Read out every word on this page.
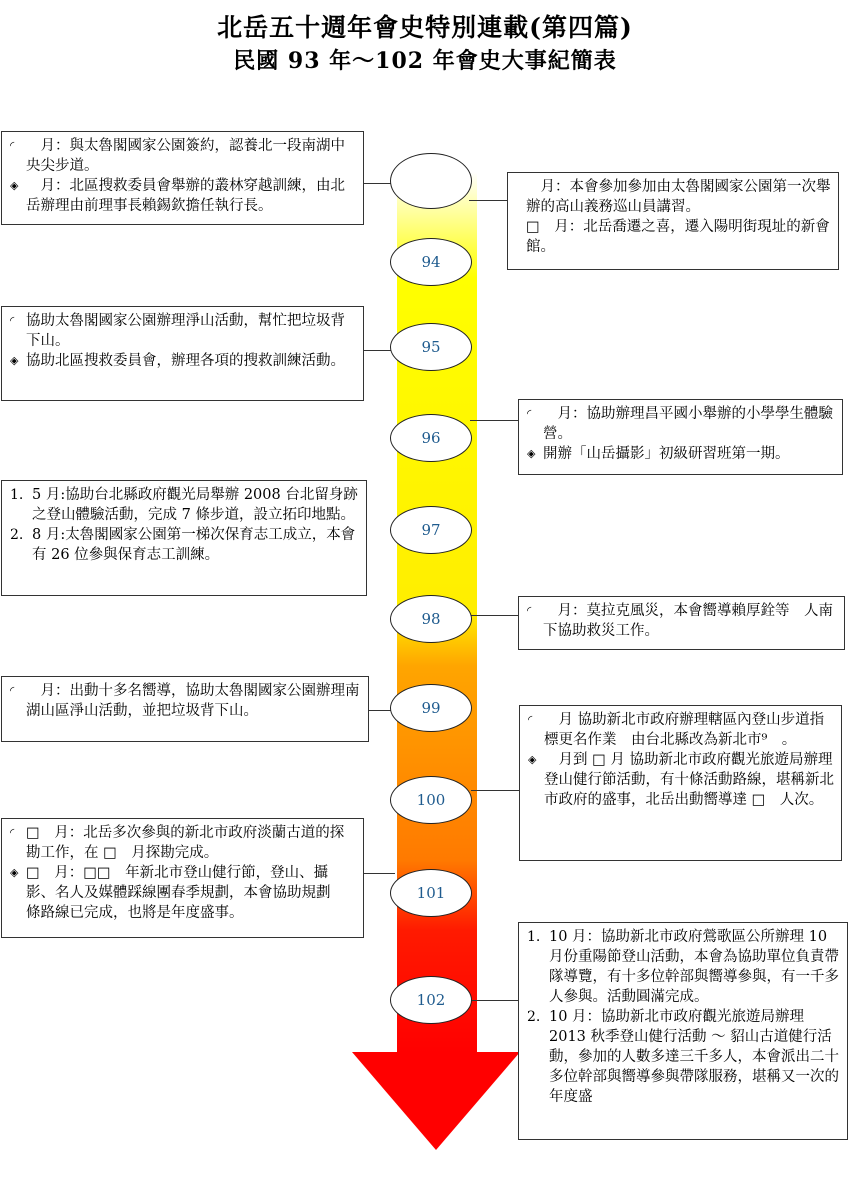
北岳五十週年會史特別連載(第四篇)
民國 93 年～102 年會史大事紀簡表
94
95
96
97
98
99
100
101
102
◜ 　月：與太魯閣國家公園簽約，認養北一段南湖中央尖步道。
◈ 　月：北區搜救委員會舉辦的叢林穿越訓練，由北岳辦理由前理事長賴錫欽擔任執行長。
　月：本會參加參加由太魯閣國家公園第一次舉辦的高山義務巡山員講習。
□　月：北岳喬遷之喜，遷入陽明街現址的新會館。
◜ 協助太魯閣國家公園辦理淨山活動，幫忙把垃圾背下山。
◈ 協助北區搜救委員會，辦理各項的搜救訓練活動。
◜ 　月：協助辦理昌平國小舉辦的小學學生體驗營。
◈ 開辦「山岳攝影」初級研習班第一期。
1. 5 月:協助台北縣政府觀光局舉辦 2008 台北留身跡之登山體驗活動，完成 7 條步道，設立拓印地點。
2. 8 月:太魯閣國家公園第一梯次保育志工成立，本會有 26 位參與保育志工訓練。
◜ 　月：莫拉克風災，本會嚮導賴厚銓等　人南下協助救災工作。
◜ 　月：出動十多名嚮導，協助太魯閣國家公園辦理南湖山區淨山活動，並把垃圾背下山。
◜ 　月 協助新北市政府辦理轄區內登山步道指標更名作業　由台北縣改為新北市⁹　。
◈ 　月到 □ 月 協助新北市政府觀光旅遊局辦理登山健行節活動，有十條活動路線，堪稱新北市政府的盛事，北岳出動嚮導達 □　人次。
◜ □　月：北岳多次參與的新北市政府淡蘭古道的探勘工作，在 □　月探勘完成。
◈ □　月：□□　年新北市登山健行節，登山、攝影、名人及媒體踩線團春季規劃，本會協助規劃　條路線已完成，也將是年度盛事。
1. 10 月：協助新北市政府鶯歌區公所辦理 10 月份重陽節登山活動，本會為協助單位負責帶隊導覽，有十多位幹部與嚮導參與，有一千多人參與。活動圓滿完成。
2. 10 月：協助新北市政府觀光旅遊局辦理 2013 秋季登山健行活動 ～ 貂山古道健行活動，參加的人數多達三千多人，本會派出二十多位幹部與嚮導參與帶隊服務，堪稱又一次的年度盛
